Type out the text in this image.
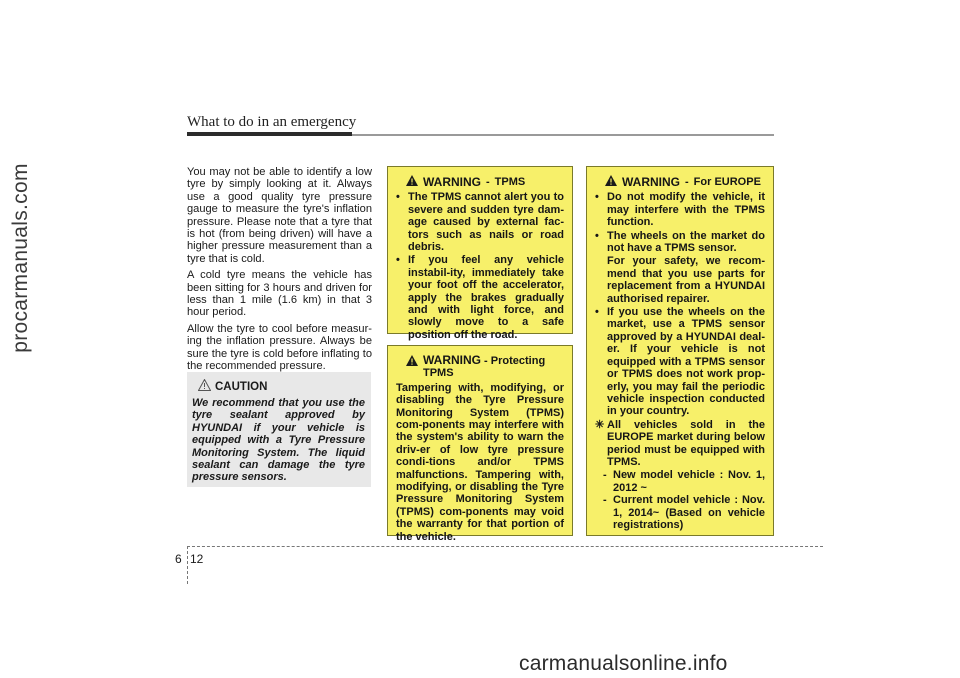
procarmanuals.com
What to do in an emergency

You may not be able to identify a low tyre by simply looking at it. Always use a good quality tyre pressure gauge to measure the tyre's inflation pressure. Please note that a tyre that is hot (from being driven) will have a higher pressure measurement than a tyre that is cold.

A cold tyre means the vehicle has been sitting for 3 hours and driven for less than 1 mile (1.6 km) in that 3 hour period.

Allow the tyre to cool before measur-ing the inflation pressure. Always be sure the tyre is cold before inflating to the recommended pressure.

CAUTION
We recommend that you use the tyre sealant approved by HYUNDAI if your vehicle is equipped with a Tyre Pressure Monitoring System. The liquid sealant can damage the tyre pressure sensors.
WARNING - TPMS
• The TPMS cannot alert you to severe and sudden tyre dam-age caused by external fac-tors such as nails or road debris.
• If you feel any vehicle instabil-ity, immediately take your foot off the accelerator, apply the brakes gradually and with light force, and slowly move to a safe position off the road.
WARNING - Protecting TPMS
Tampering with, modifying, or disabling the Tyre Pressure Monitoring System (TPMS) com-ponents may interfere with the system's ability to warn the driv-er of low tyre pressure condi-tions and/or TPMS malfunctions. Tampering with, modifying, or disabling the Tyre Pressure Monitoring System (TPMS) com-ponents may void the warranty for that portion of the vehicle.
WARNING - For EUROPE
• Do not modify the vehicle, it may interfere with the TPMS function.
• The wheels on the market do not have a TPMS sensor.
For your safety, we recom-mend that you use parts for replacement from a HYUNDAI authorised repairer.
• If you use the wheels on the market, use a TPMS sensor approved by a HYUNDAI deal-er. If your vehicle is not equipped with a TPMS sensor or TPMS does not work prop-erly, you may fail the periodic vehicle inspection conducted in your country.
✳ All vehicles sold in the EUROPE market during below period must be equipped with TPMS.
- New model vehicle : Nov. 1, 2012 ~
- Current model vehicle : Nov. 1, 2014~ (Based on vehicle registrations)
6 12
carmanualsonline.info
